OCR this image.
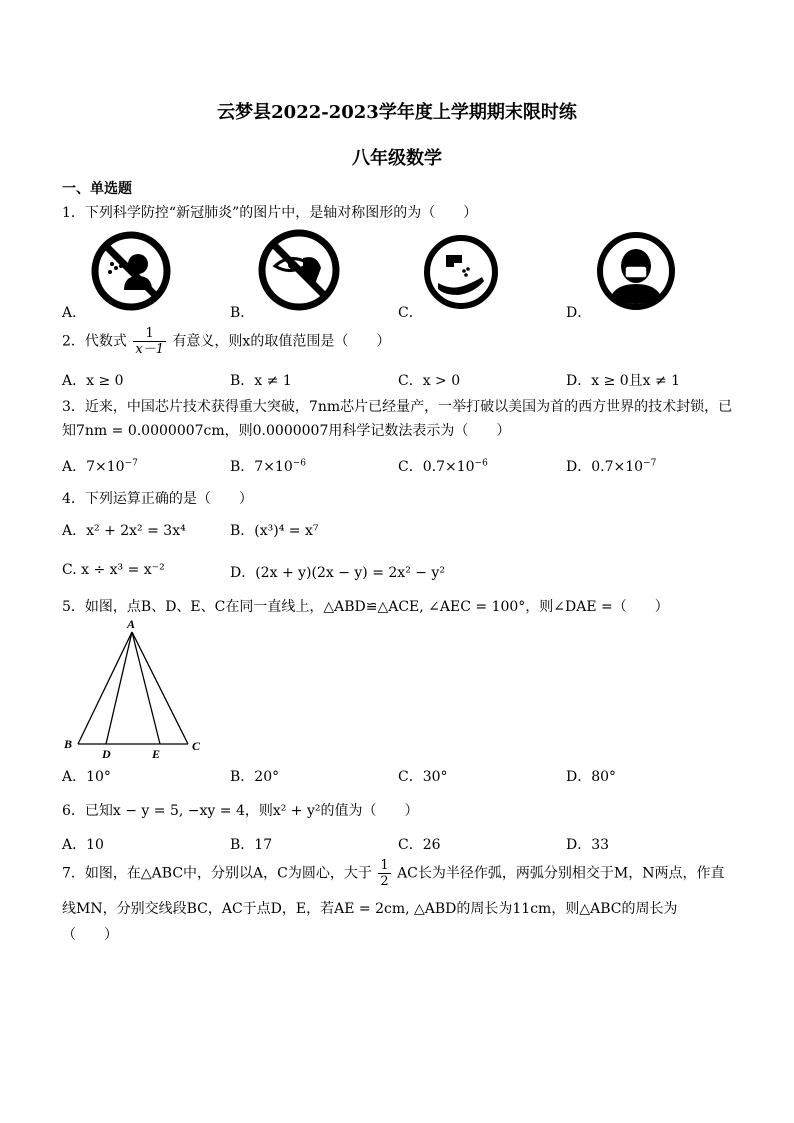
云梦县2022-2023学年度上学期期末限时练
八年级数学
一、单选题
1．下列科学防控“新冠肺炎”的图片中，是轴对称图形的为（　　）
A．	B．	C．	D．
2．代数式 $\frac{1}{x-1}$ 有意义，则x的取值范围是（　　）
A．x ≥ 0	B．x ≠ 1	C．x > 0	D．x ≥ 0且x ≠ 1
3．近来，中国芯片技术获得重大突破，7nm芯片已经量产，一举打破以美国为首的西方世界的技术封锁，已
知7nm = 0.0000007cm，则0.0000007用科学记数法表示为（　　）
A．$7\times 10^{-7}$	B．$7\times 10^{-6}$	C．$0.7\times 10^{-6}$	D．$0.7\times 10^{-7}$
4．下列运算正确的是（　　）
A．x² + 2x² = 3x⁴	B．(x³)⁴ = x⁷
C. x ÷ x³ = x⁻²	D．(2x + y)(2x − y) = 2x² − y²
5．如图，点B、D、E、C在同一直线上，△ABD≌△ACE, ∠AEC = 100°，则∠DAE =（　　）
A
B
D	E
C
A．10°	B．20°	C．30°	D．80°
6．已知x − y = 5, −xy = 4，则x² + y²的值为（　　）
A．10	B．17	C．26	D．33
7．如图，在△ABC中，分别以A，C为圆心，大于 $\frac{1}{2}$ AC长为半径作弧，两弧分别相交于M，N两点，作直
线MN，分别交线段BC，AC于点D，E，若AE = 2cm, △ABD的周长为11cm，则△ABC的周长为
（　　）
